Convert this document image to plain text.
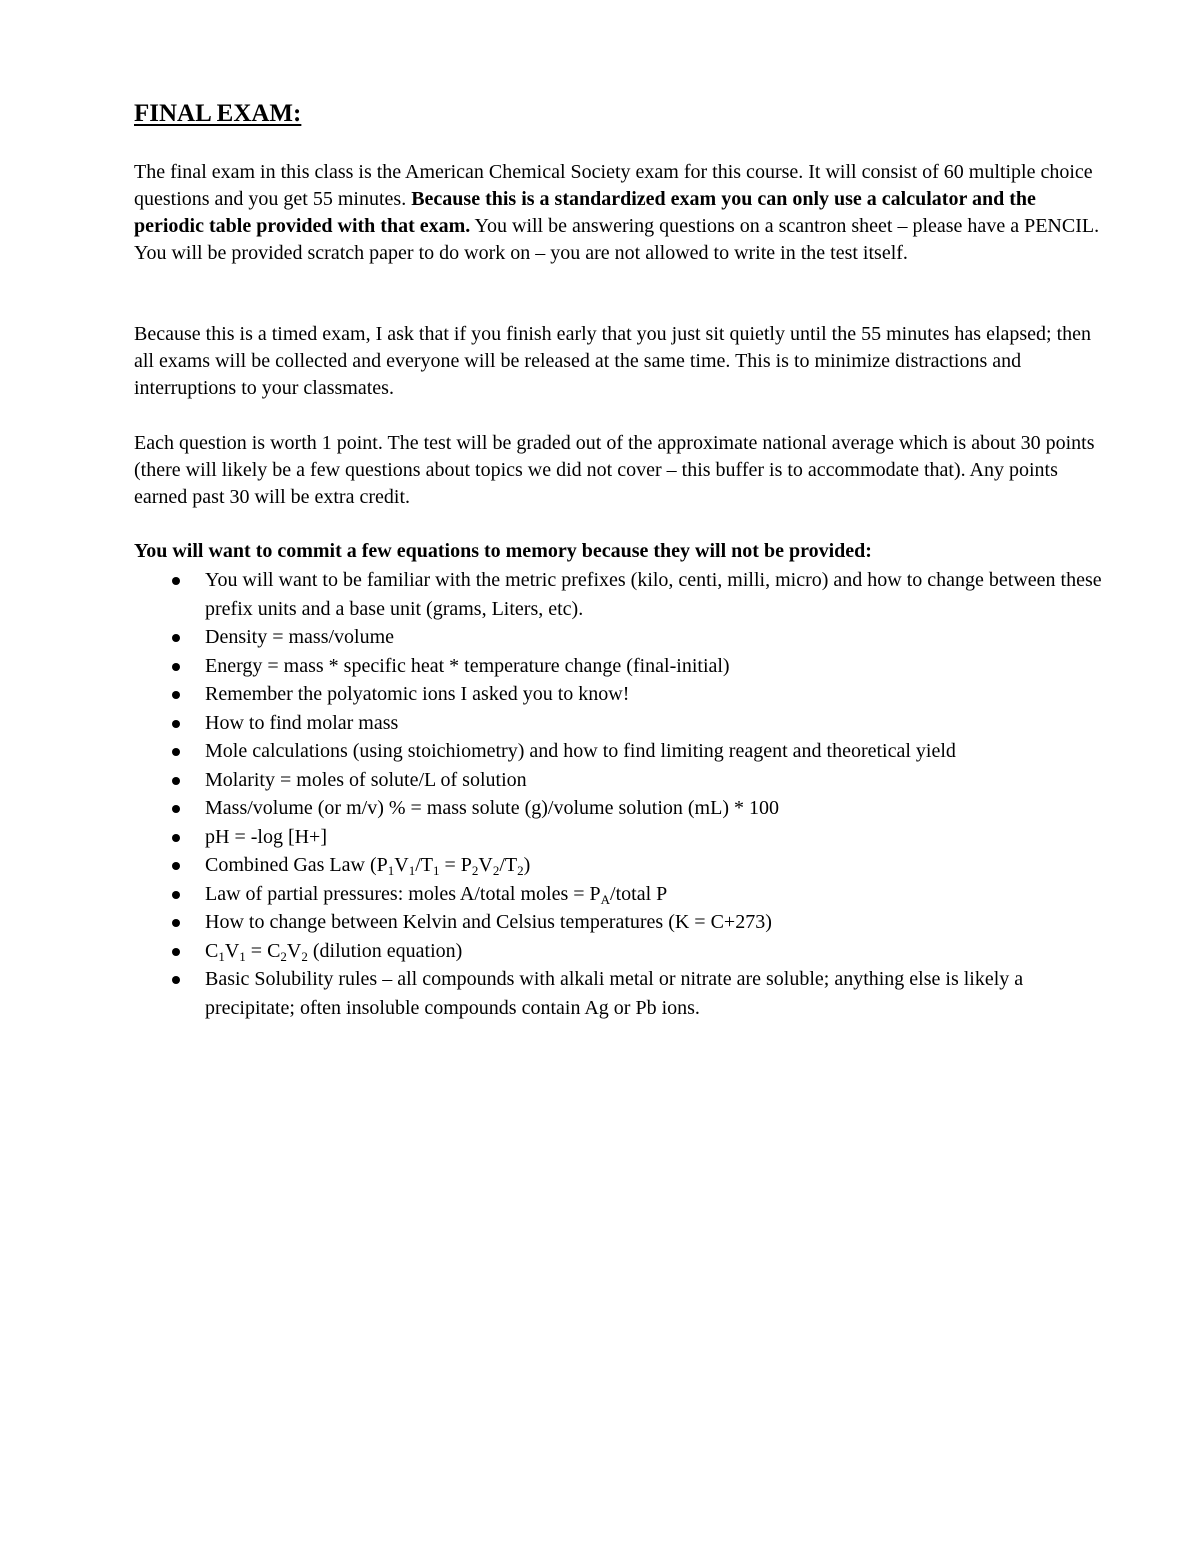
FINAL EXAM:

The final exam in this class is the American Chemical Society exam for this course. It will consist of 60 multiple choice questions and you get 55 minutes. Because this is a standardized exam you can only use a calculator and the periodic table provided with that exam. You will be answering questions on a scantron sheet – please have a PENCIL. You will be provided scratch paper to do work on – you are not allowed to write in the test itself.

Because this is a timed exam, I ask that if you finish early that you just sit quietly until the 55 minutes has elapsed; then all exams will be collected and everyone will be released at the same time. This is to minimize distractions and interruptions to your classmates.

Each question is worth 1 point. The test will be graded out of the approximate national average which is about 30 points (there will likely be a few questions about topics we did not cover – this buffer is to accommodate that). Any points earned past 30 will be extra credit.

You will want to commit a few equations to memory because they will not be provided:

You will want to be familiar with the metric prefixes (kilo, centi, milli, micro) and how to change between these prefix units and a base unit (grams, Liters, etc).
Density = mass/volume
Energy = mass * specific heat * temperature change (final-initial)
Remember the polyatomic ions I asked you to know!
How to find molar mass
Mole calculations (using stoichiometry) and how to find limiting reagent and theoretical yield
Molarity = moles of solute/L of solution
Mass/volume (or m/v) % = mass solute (g)/volume solution (mL) * 100
pH = -log [H+]
Combined Gas Law $(P_1V_1/T_1 = P_2V_2/T_2)$
Law of partial pressures: moles A/total moles = $P_A$/total P
How to change between Kelvin and Celsius temperatures (K = C+273)
$C_1V_1 = C_2V_2$ (dilution equation)
Basic Solubility rules – all compounds with alkali metal or nitrate are soluble; anything else is likely a precipitate; often insoluble compounds contain Ag or Pb ions.
